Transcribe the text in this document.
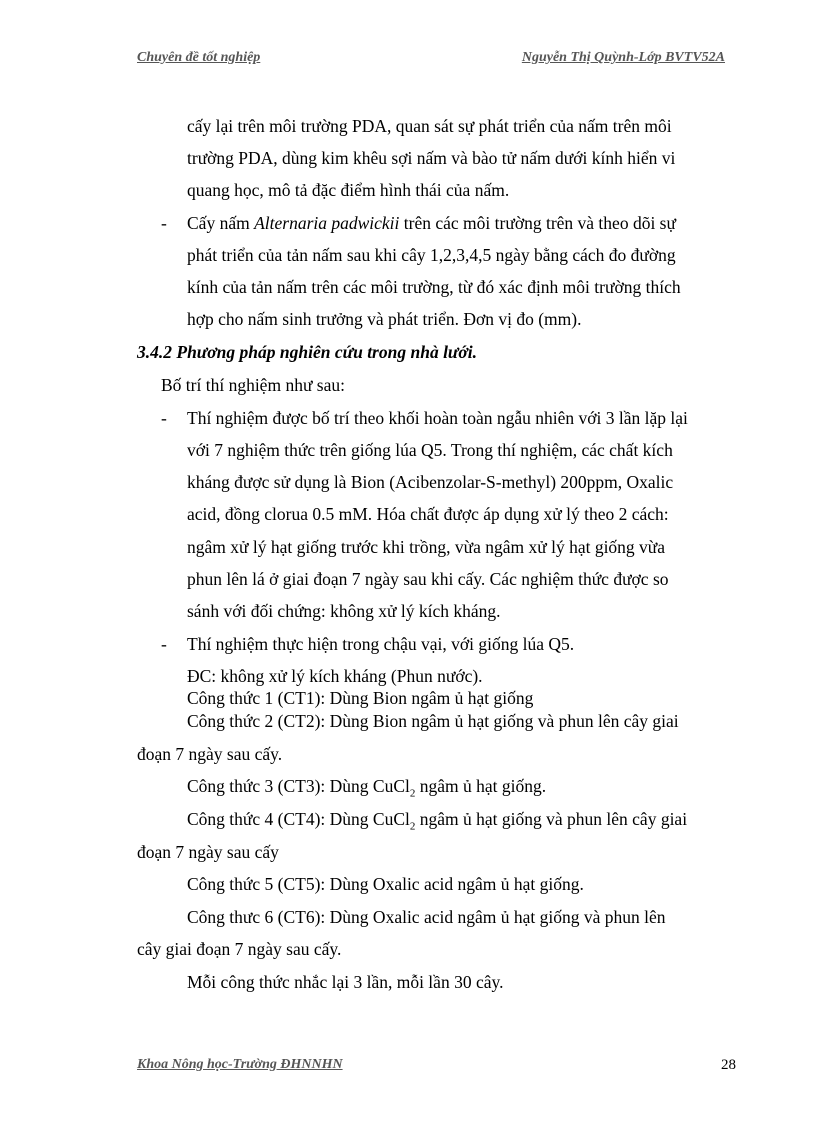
Chuyên đề tốt nghiệp	Nguyễn Thị Quỳnh-Lớp BVTV52A
cấy lại trên môi trường PDA, quan sát sự phát triển của nấm trên môi
trường PDA, dùng kim khêu sợi nấm và bào tử nấm dưới kính hiển vi
quang học, mô tả đặc điểm hình thái của nấm.
- Cấy nấm Alternaria padwickii trên các môi trường trên và theo dõi sự
phát triển của tản nấm sau khi cây 1,2,3,4,5 ngày bằng cách đo đường
kính của tản nấm trên các môi trường, từ đó xác định môi trường thích
hợp cho nấm sinh trưởng và phát triển. Đơn vị đo (mm).
3.4.2 Phương pháp nghiên cứu trong nhà lưới.
Bố trí thí nghiệm như sau:
- Thí nghiệm được bố trí theo khối hoàn toàn ngẫu nhiên với 3 lần lặp lại
với 7 nghiệm thức trên giống lúa Q5. Trong thí nghiệm, các chất kích
kháng được sử dụng là Bion (Acibenzolar-S-methyl) 200ppm, Oxalic
acid, đồng clorua 0.5 mM. Hóa chất được áp dụng xử lý theo 2 cách:
ngâm xử lý hạt giống trước khi trồng, vừa ngâm xử lý hạt giống vừa
phun lên lá ở giai đoạn 7 ngày sau khi cấy. Các nghiệm thức được so
sánh với đối chứng: không xử lý kích kháng.
- Thí nghiệm thực hiện trong chậu vại, với giống lúa Q5.
ĐC: không xử lý kích kháng (Phun nước).
Công thức 1 (CT1): Dùng Bion ngâm ủ hạt giống
Công thức 2 (CT2): Dùng Bion ngâm ủ hạt giống và phun lên cây giai
đoạn 7 ngày sau cấy.
Công thức 3 (CT3): Dùng CuCl$_2$ ngâm ủ hạt giống.
Công thức 4 (CT4): Dùng CuCl$_2$ ngâm ủ hạt giống và phun lên cây giai
đoạn 7 ngày sau cấy
Công thức 5 (CT5): Dùng Oxalic acid ngâm ủ hạt giống.
Công thưc 6 (CT6): Dùng Oxalic acid ngâm ủ hạt giống và phun lên
cây giai đoạn 7 ngày sau cấy.
Mỗi công thức nhắc lại 3 lần, mỗi lần 30 cây.
Khoa Nông học-Trường ĐHNNHN	28
